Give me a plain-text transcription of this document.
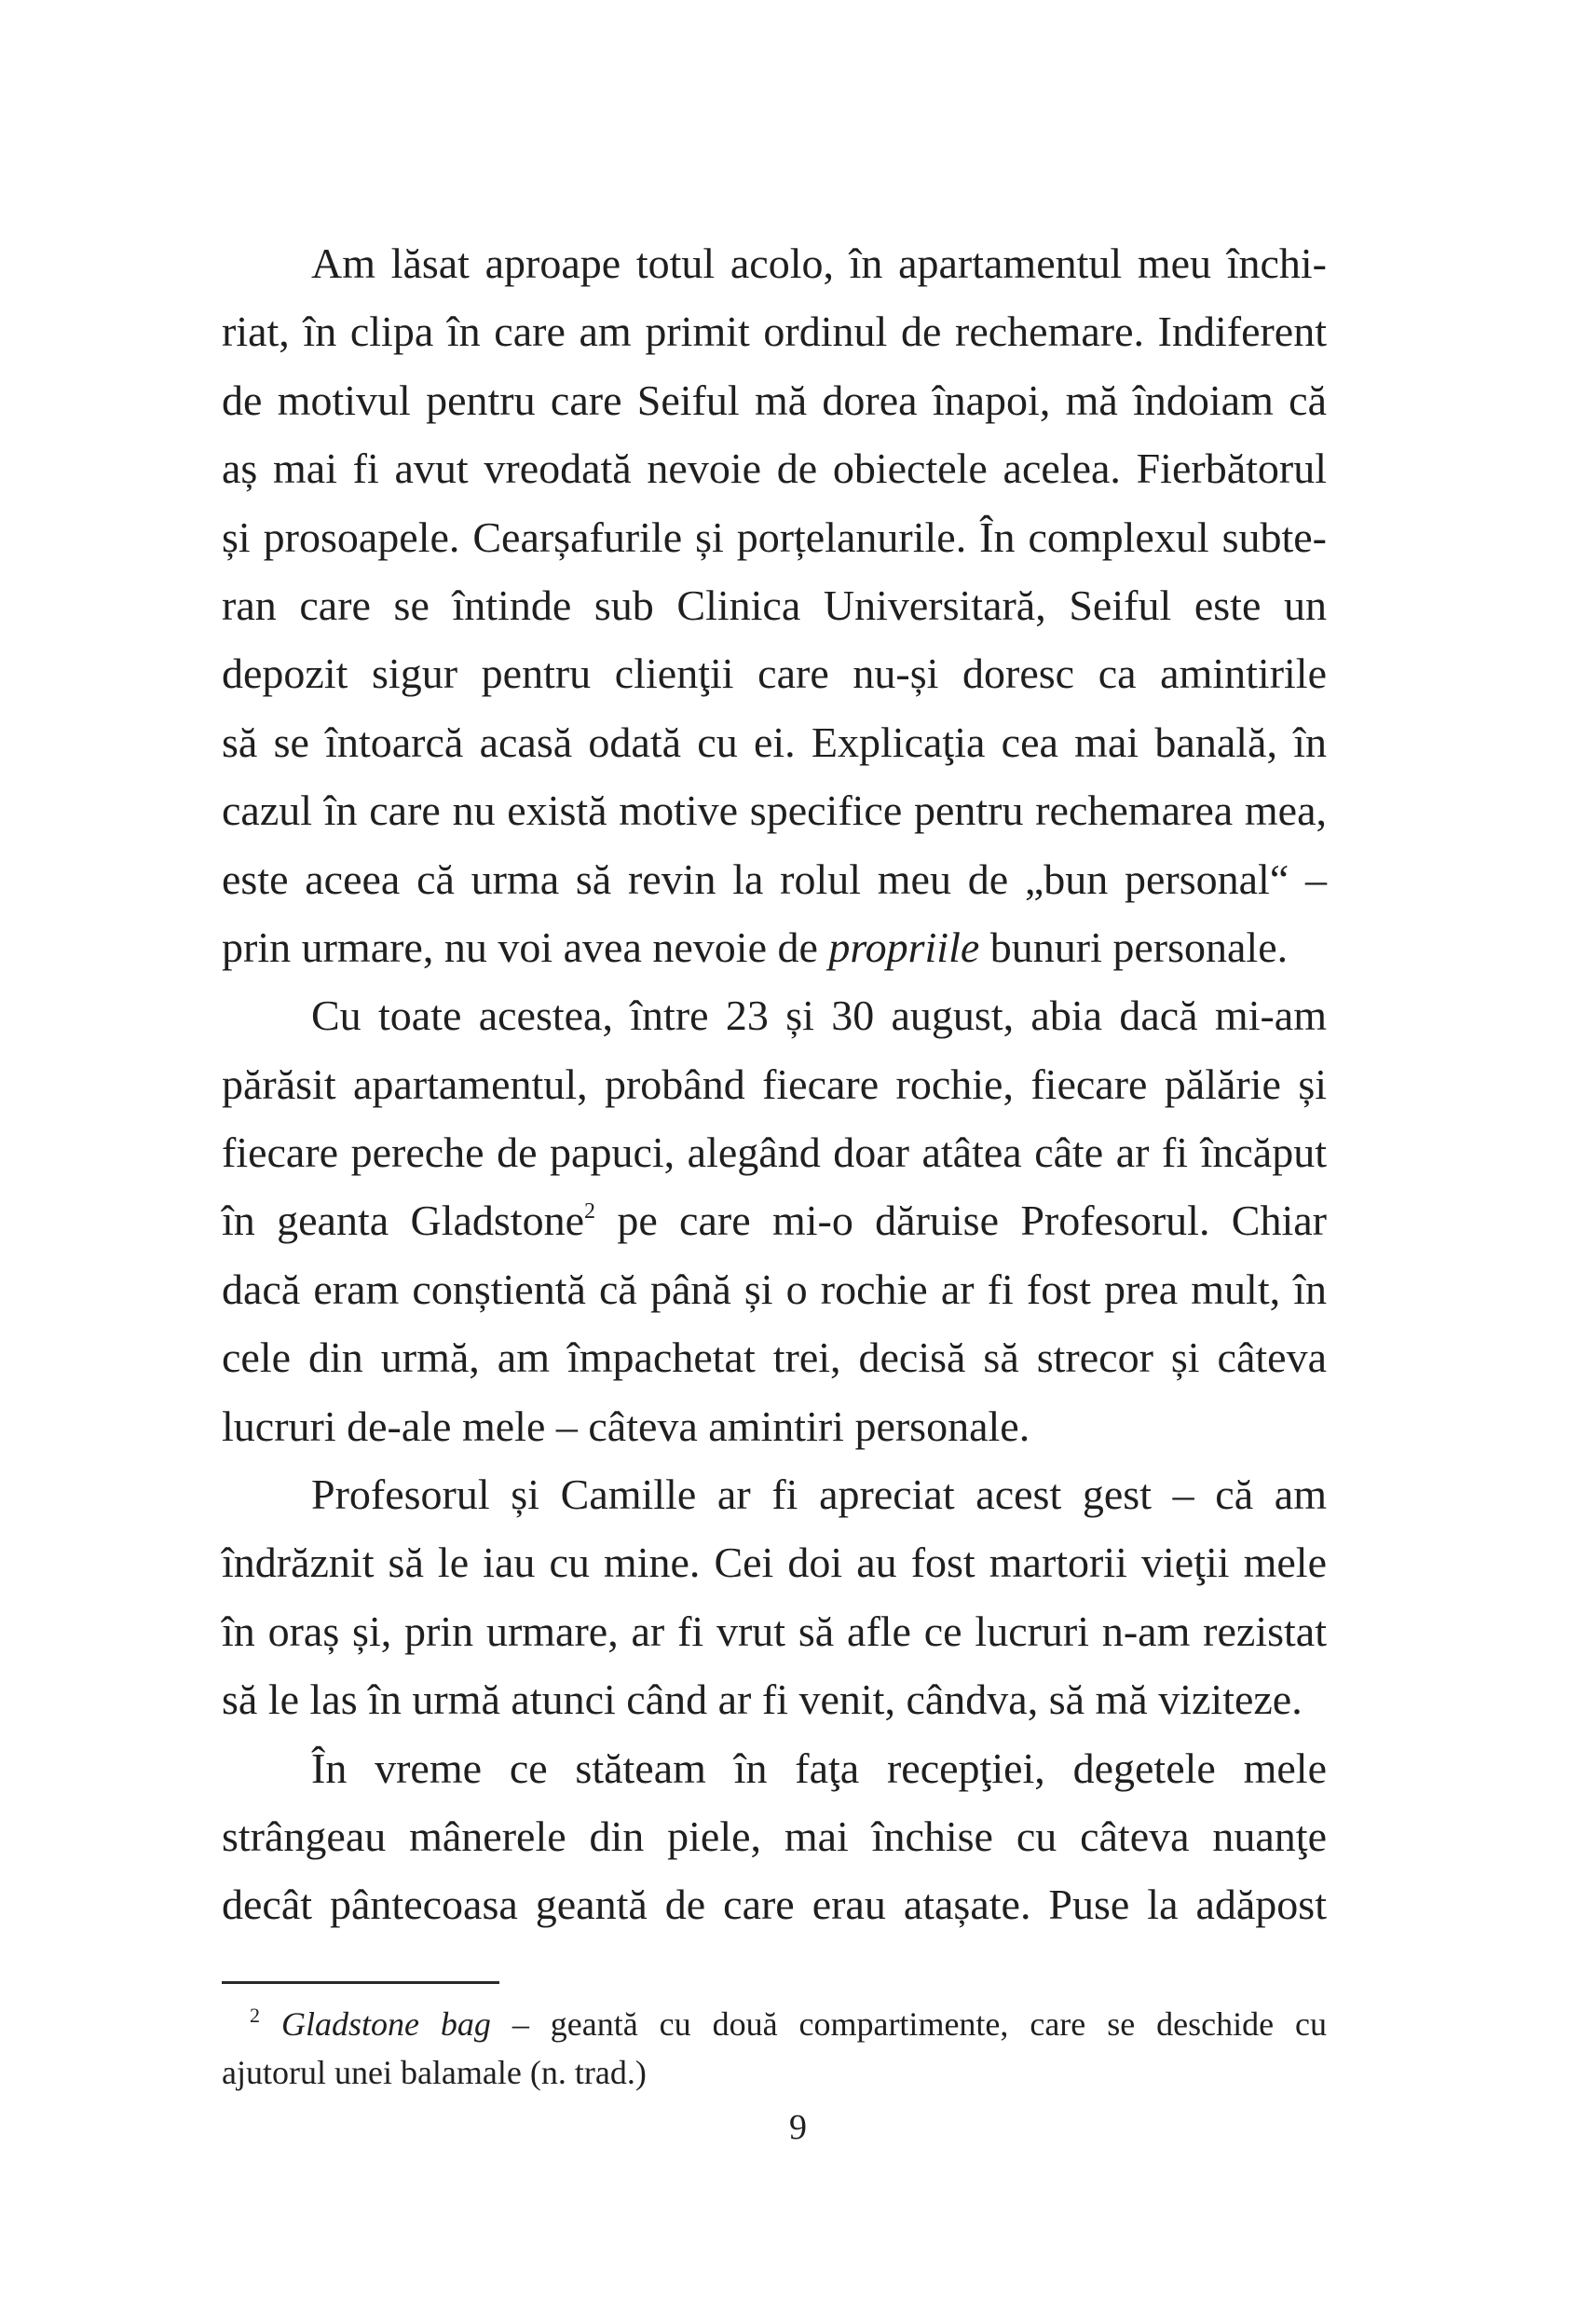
Am lăsat aproape totul acolo, în apartamentul meu închi-
riat, în clipa în care am primit ordinul de rechemare. Indiferent
de motivul pentru care Seiful mă dorea înapoi, mă îndoiam că
aș mai fi avut vreodată nevoie de obiectele acelea. Fierbătorul
și prosoapele. Cearșafurile și porțelanurile. În complexul subte-
ran care se întinde sub Clinica Universitară, Seiful este un
depozit sigur pentru clienţii care nu-și doresc ca amintirile
să se întoarcă acasă odată cu ei. Explicaţia cea mai banală, în
cazul în care nu există motive specifice pentru rechemarea mea,
este aceea că urma să revin la rolul meu de „bun personal“ –
prin urmare, nu voi avea nevoie de propriile bunuri personale.
Cu toate acestea, între 23 și 30 august, abia dacă mi-am
părăsit apartamentul, probând fiecare rochie, fiecare pălărie și
fiecare pereche de papuci, alegând doar atâtea câte ar fi încăput
în geanta Gladstone$^2$ pe care mi-o dăruise Profesorul. Chiar
dacă eram conștientă că până și o rochie ar fi fost prea mult, în
cele din urmă, am împachetat trei, decisă să strecor și câteva
lucruri de-ale mele – câteva amintiri personale.
Profesorul și Camille ar fi apreciat acest gest – că am
îndrăznit să le iau cu mine. Cei doi au fost martorii vieţii mele
în oraș și, prin urmare, ar fi vrut să afle ce lucruri n-am rezistat
să le las în urmă atunci când ar fi venit, cândva, să mă viziteze.
În vreme ce stăteam în faţa recepţiei, degetele mele
strângeau mânerele din piele, mai închise cu câteva nuanţe
decât pântecoasa geantă de care erau atașate. Puse la adăpost
$^2$ Gladstone bag – geantă cu două compartimente, care se deschide cu
ajutorul unei balamale (n. trad.)
9
